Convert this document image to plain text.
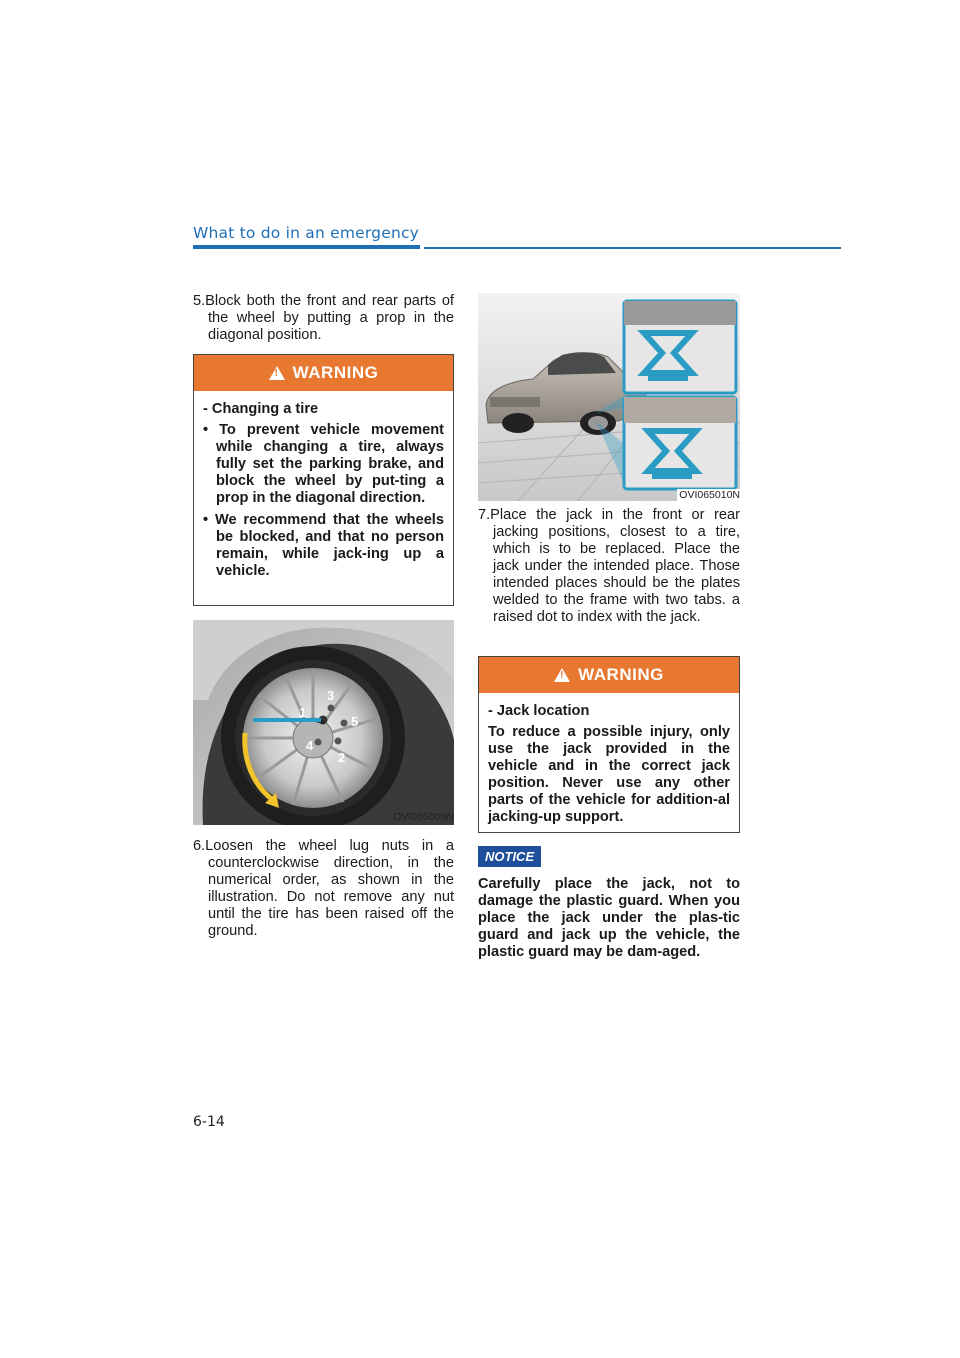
What to do in an emergency
5.Block both the front and rear parts of the wheel by putting a prop in the diagonal position.
!
WARNING
- Changing a tire
• To prevent vehicle movement while changing a tire, always fully set the parking brake, and block the wheel by put-ting a prop in the diagonal direction.
• We recommend that the wheels be blocked, and that no person remain, while jack-ing up a vehicle.
1
2
3
4
5
OVI065009N
6.Loosen the wheel lug nuts in a counterclockwise direction, in the numerical order, as shown in the illustration. Do not remove any nut until the tire has been raised off the ground.
OVI065010N
7.Place the jack in the front or rear jacking positions, closest to a tire, which is to be replaced. Place the jack under the intended place. Those intended places should be the plates welded to the frame with two tabs. a raised dot to index with the jack.
!
WARNING
- Jack location
To reduce a possible injury, only use the jack provided in the vehicle and in the correct jack position. Never use any other parts of the vehicle for addition-al jacking-up support.
NOTICE
Carefully place the jack, not to damage the plastic guard. When you place the jack under the plas-tic guard and jack up the vehicle, the plastic guard may be dam-aged.
6-14
